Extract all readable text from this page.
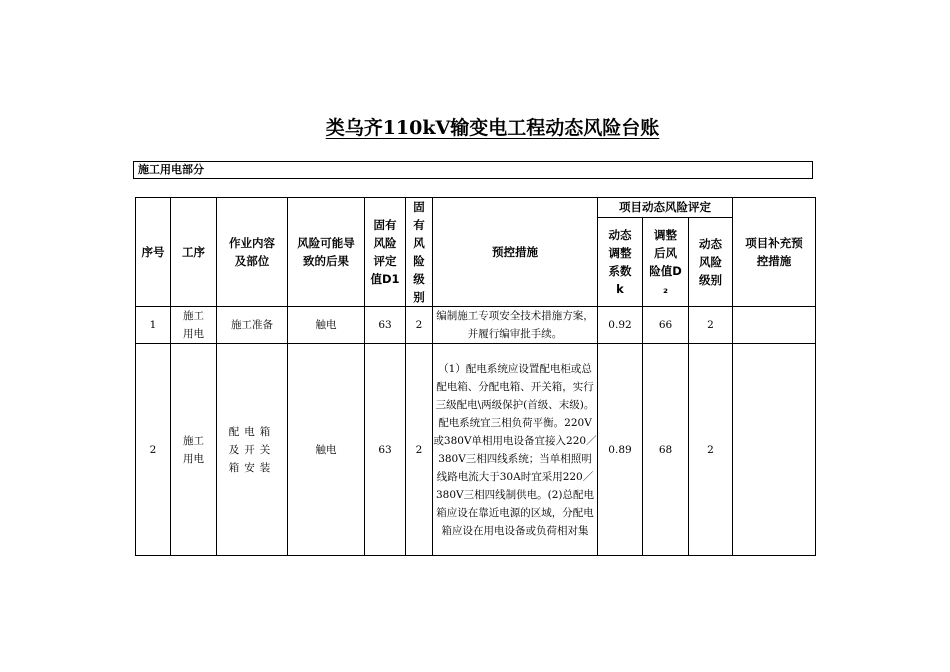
类乌齐110kV输变电工程动态风险台账
施工用电部分
序号	工序	作业内容及部位	风险可能导致的后果	固有风险评定值D1	固有风险级别	预控措施	项目动态风险评定			项目补充预控措施
							动态调整系数k	调整后风险值D₂	动态风险级别	
1	施工用电	施工准备	触电	63	2	编制施工专项安全技术措施方案，并履行编审批手续。	0.92	66	2	
2	施工用电	配电箱及开关箱安装	触电	63	2	（1）配电系统应设置配电柜或总配电箱、分配电箱、开关箱，实行三级配电\两级保护(首级、末级)。配电系统宜三相负荷平衡。220V或380V单相用电设备宜接入220／380V三相四线系统；当单相照明线路电流大于30A时宜采用220／380V三相四线制供电。(2)总配电箱应设在靠近电源的区域，分配电箱应设在用电设备或负荷相对集	0.89	68	2	
